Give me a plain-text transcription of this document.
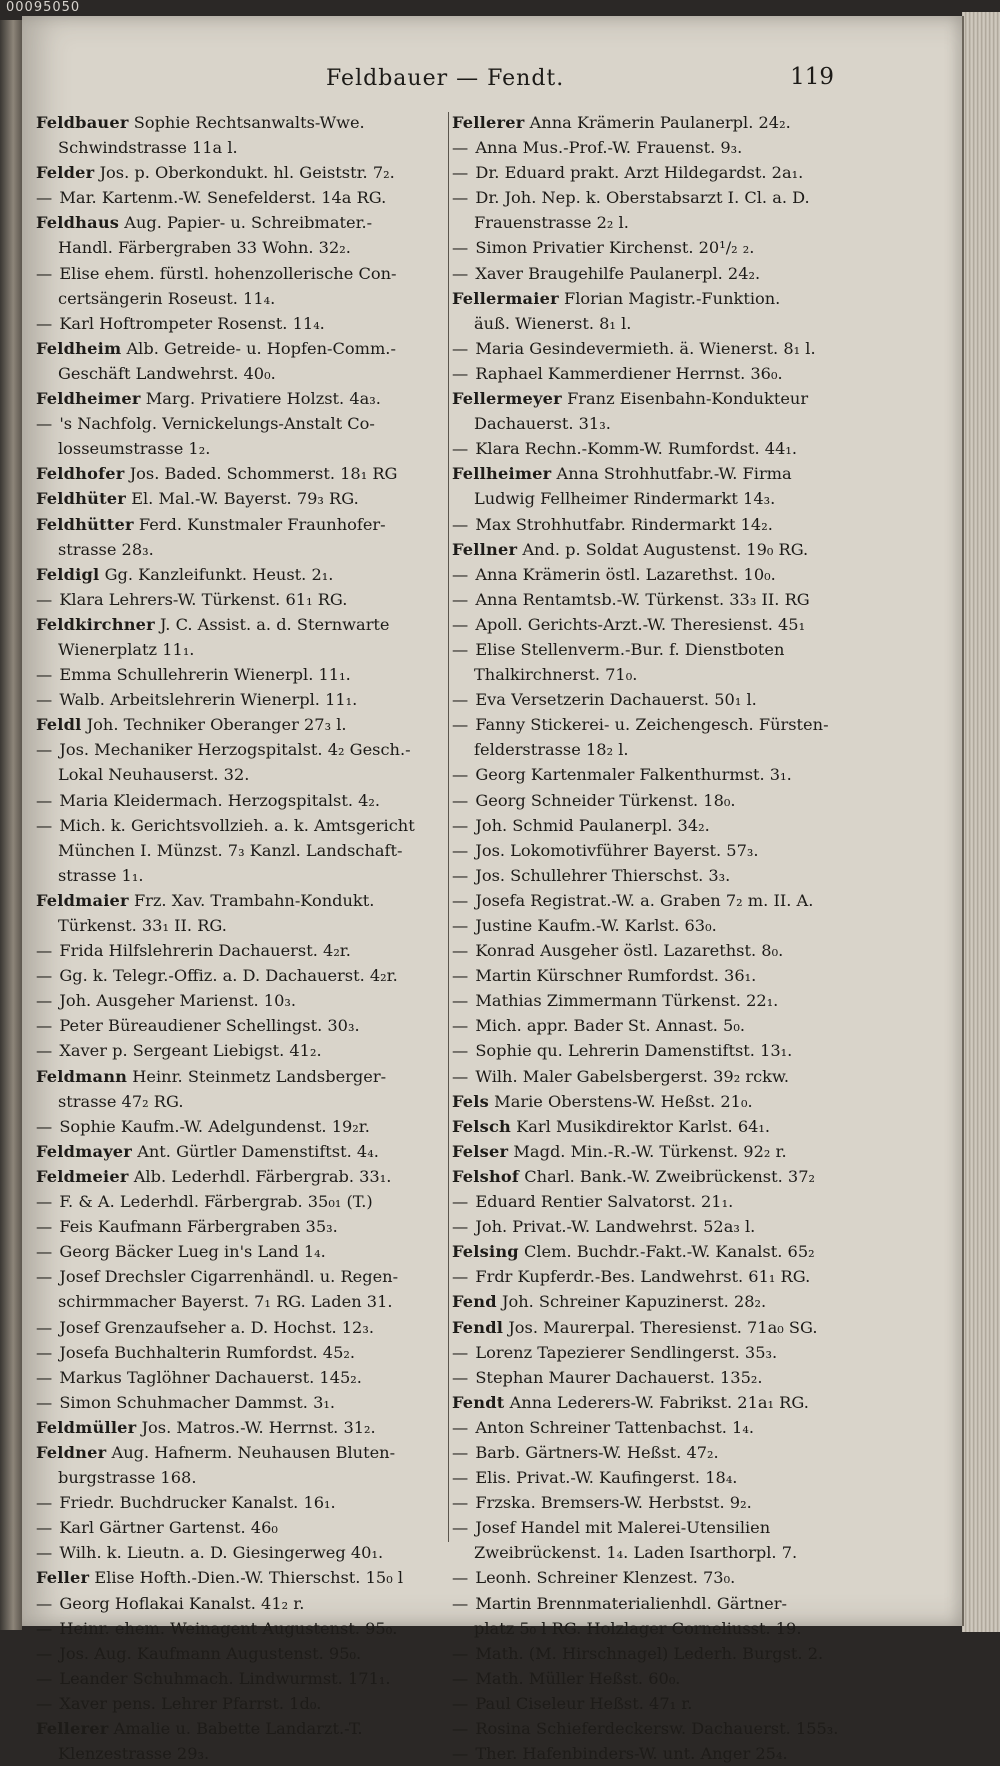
00095050
Feldbauer — Fendt.	119
Feldbauer Sophie Rechtsanwalts-Wwe.
Schwindstrasse 11a l.
Felder Jos. p. Oberkondukt. hl. Geiststr. 7₂.
— Mar. Kartenm.-W. Senefelderst. 14a RG.
Feldhaus Aug. Papier- u. Schreibmater.-
Handl. Färbergraben 33 Wohn. 32₂.
— Elise ehem. fürstl. hohenzollerische Con-
certsängerin Roseust. 11₄.
— Karl Hoftrompeter Rosenst. 11₄.
Feldheim Alb. Getreide- u. Hopfen-Comm.-
Geschäft Landwehrst. 40₀.
Feldheimer Marg. Privatiere Holzst. 4a₃.
— 's Nachfolg. Vernickelungs-Anstalt Co-
losseumstrasse 1₂.
Feldhofer Jos. Baded. Schommerst. 18₁ RG
Feldhüter El. Mal.-W. Bayerst. 79₃ RG.
Feldhütter Ferd. Kunstmaler Fraunhofer-
strasse 28₃.
Feldigl Gg. Kanzleifunkt. Heust. 2₁.
— Klara Lehrers-W. Türkenst. 61₁ RG.
Feldkirchner J. C. Assist. a. d. Sternwarte
Wienerplatz 11₁.
— Emma Schullehrerin Wienerpl. 11₁.
— Walb. Arbeitslehrerin Wienerpl. 11₁.
Feldl Joh. Techniker Oberanger 27₃ l.
— Jos. Mechaniker Herzogspitalst. 4₂ Gesch.-
Lokal Neuhauserst. 32.
— Maria Kleidermach. Herzogspitalst. 4₂.
— Mich. k. Gerichtsvollzieh. a. k. Amtsgericht
München I. Münzst. 7₃ Kanzl. Landschaft-
strasse 1₁.
Feldmaier Frz. Xav. Trambahn-Kondukt.
Türkenst. 33₁ II. RG.
— Frida Hilfslehrerin Dachauerst. 4₂r.
— Gg. k. Telegr.-Offiz. a. D. Dachauerst. 4₂r.
— Joh. Ausgeher Marienst. 10₃.
— Peter Büreaudiener Schellingst. 30₃.
— Xaver p. Sergeant Liebigst. 41₂.
Feldmann Heinr. Steinmetz Landsberger-
strasse 47₂ RG.
— Sophie Kaufm.-W. Adelgundenst. 19₂r.
Feldmayer Ant. Gürtler Damenstiftst. 4₄.
Feldmeier Alb. Lederhdl. Färbergrab. 33₁.
— F. & A. Lederhdl. Färbergrab. 35₀₁ (T.)
— Feis Kaufmann Färbergraben 35₃.
— Georg Bäcker Lueg in's Land 1₄.
— Josef Drechsler Cigarrenhändl. u. Regen-
schirmmacher Bayerst. 7₁ RG. Laden 31.
— Josef Grenzaufseher a. D. Hochst. 12₃.
— Josefa Buchhalterin Rumfordst. 45₂.
— Markus Taglöhner Dachauerst. 145₂.
— Simon Schuhmacher Dammst. 3₁.
Feldmüller Jos. Matros.-W. Herrnst. 31₂.
Feldner Aug. Hafnerm. Neuhausen Bluten-
burgstrasse 168.
— Friedr. Buchdrucker Kanalst. 16₁.
— Karl Gärtner Gartenst. 46₀
— Wilh. k. Lieutn. a. D. Giesingerweg 40₁.
Feller Elise Hofth.-Dien.-W. Thierschst. 15₀ l
— Georg Hoflakai Kanalst. 41₂ r.
— Heinr. ehem. Weinagent Augustenst. 95₀.
— Jos. Aug. Kaufmann Augustenst. 95₀.
— Leander Schuhmach. Lindwurmst. 171₁.
— Xaver pens. Lehrer Pfarrst. 1d₀.
Fellerer Amalie u. Babette Landarzt.-T.
Klenzestrasse 29₃.
Fellerer Anna Krämerin Paulanerpl. 24₂.
— Anna Mus.-Prof.-W. Frauenst. 9₃.
— Dr. Eduard prakt. Arzt Hildegardst. 2a₁.
— Dr. Joh. Nep. k. Oberstabsarzt I. Cl. a. D.
Frauenstrasse 2₂ l.
— Simon Privatier Kirchenst. 20¹/₂ ₂.
— Xaver Braugehilfe Paulanerpl. 24₂.
Fellermaier Florian Magistr.-Funktion.
äuß. Wienerst. 8₁ l.
— Maria Gesindevermieth. ä. Wienerst. 8₁ l.
— Raphael Kammerdiener Herrnst. 36₀.
Fellermeyer Franz Eisenbahn-Kondukteur
Dachauerst. 31₃.
— Klara Rechn.-Komm-W. Rumfordst. 44₁.
Fellheimer Anna Strohhutfabr.-W. Firma
Ludwig Fellheimer Rindermarkt 14₃.
— Max Strohhutfabr. Rindermarkt 14₂.
Fellner And. p. Soldat Augustenst. 19₀ RG.
— Anna Krämerin östl. Lazarethst. 10₀.
— Anna Rentamtsb.-W. Türkenst. 33₃ II. RG
— Apoll. Gerichts-Arzt.-W. Theresienst. 45₁
— Elise Stellenverm.-Bur. f. Dienstboten
Thalkirchnerst. 71₀.
— Eva Versetzerin Dachauerst. 50₁ l.
— Fanny Stickerei- u. Zeichengesch. Fürsten-
felderstrasse 18₂ l.
— Georg Kartenmaler Falkenthurmst. 3₁.
— Georg Schneider Türkenst. 18₀.
— Joh. Schmid Paulanerpl. 34₂.
— Jos. Lokomotivführer Bayerst. 57₃.
— Jos. Schullehrer Thierschst. 3₃.
— Josefa Registrat.-W. a. Graben 7₂ m. II. A.
— Justine Kaufm.-W. Karlst. 63₀.
— Konrad Ausgeher östl. Lazarethst. 8₀.
— Martin Kürschner Rumfordst. 36₁.
— Mathias Zimmermann Türkenst. 22₁.
— Mich. appr. Bader St. Annast. 5₀.
— Sophie qu. Lehrerin Damenstiftst. 13₁.
— Wilh. Maler Gabelsbergerst. 39₂ rckw.
Fels Marie Oberstens-W. Heßst. 21₀.
Felsch Karl Musikdirektor Karlst. 64₁.
Felser Magd. Min.-R.-W. Türkenst. 92₂ r.
Felshof Charl. Bank.-W. Zweibrückenst. 37₂
— Eduard Rentier Salvatorst. 21₁.
— Joh. Privat.-W. Landwehrst. 52a₃ l.
Felsing Clem. Buchdr.-Fakt.-W. Kanalst. 65₂
— Frdr Kupferdr.-Bes. Landwehrst. 61₁ RG.
Fend Joh. Schreiner Kapuzinerst. 28₂.
Fendl Jos. Maurerpal. Theresienst. 71a₀ SG.
— Lorenz Tapezierer Sendlingerst. 35₃.
— Stephan Maurer Dachauerst. 135₂.
Fendt Anna Lederers-W. Fabrikst. 21a₁ RG.
— Anton Schreiner Tattenbachst. 1₄.
— Barb. Gärtners-W. Heßst. 47₂.
— Elis. Privat.-W. Kaufingerst. 18₄.
— Frzska. Bremsers-W. Herbstst. 9₂.
— Josef Handel mit Malerei-Utensilien
Zweibrückenst. 1₄. Laden Isarthorpl. 7.
— Leonh. Schreiner Klenzest. 73₀.
— Martin Brennmaterialienhdl. Gärtner-
platz 5₀ l RG. Holzlager Corneliusst. 19.
— Math. (M. Hirschnagel) Lederh. Burgst. 2.
— Math. Müller Heßst. 60₀.
— Paul Ciseleur Heßst. 47₁ r.
— Rosina Schieferdeckersw. Dachauerst. 155₃.
— Ther. Hafenbinders-W. unt. Anger 25₄.
